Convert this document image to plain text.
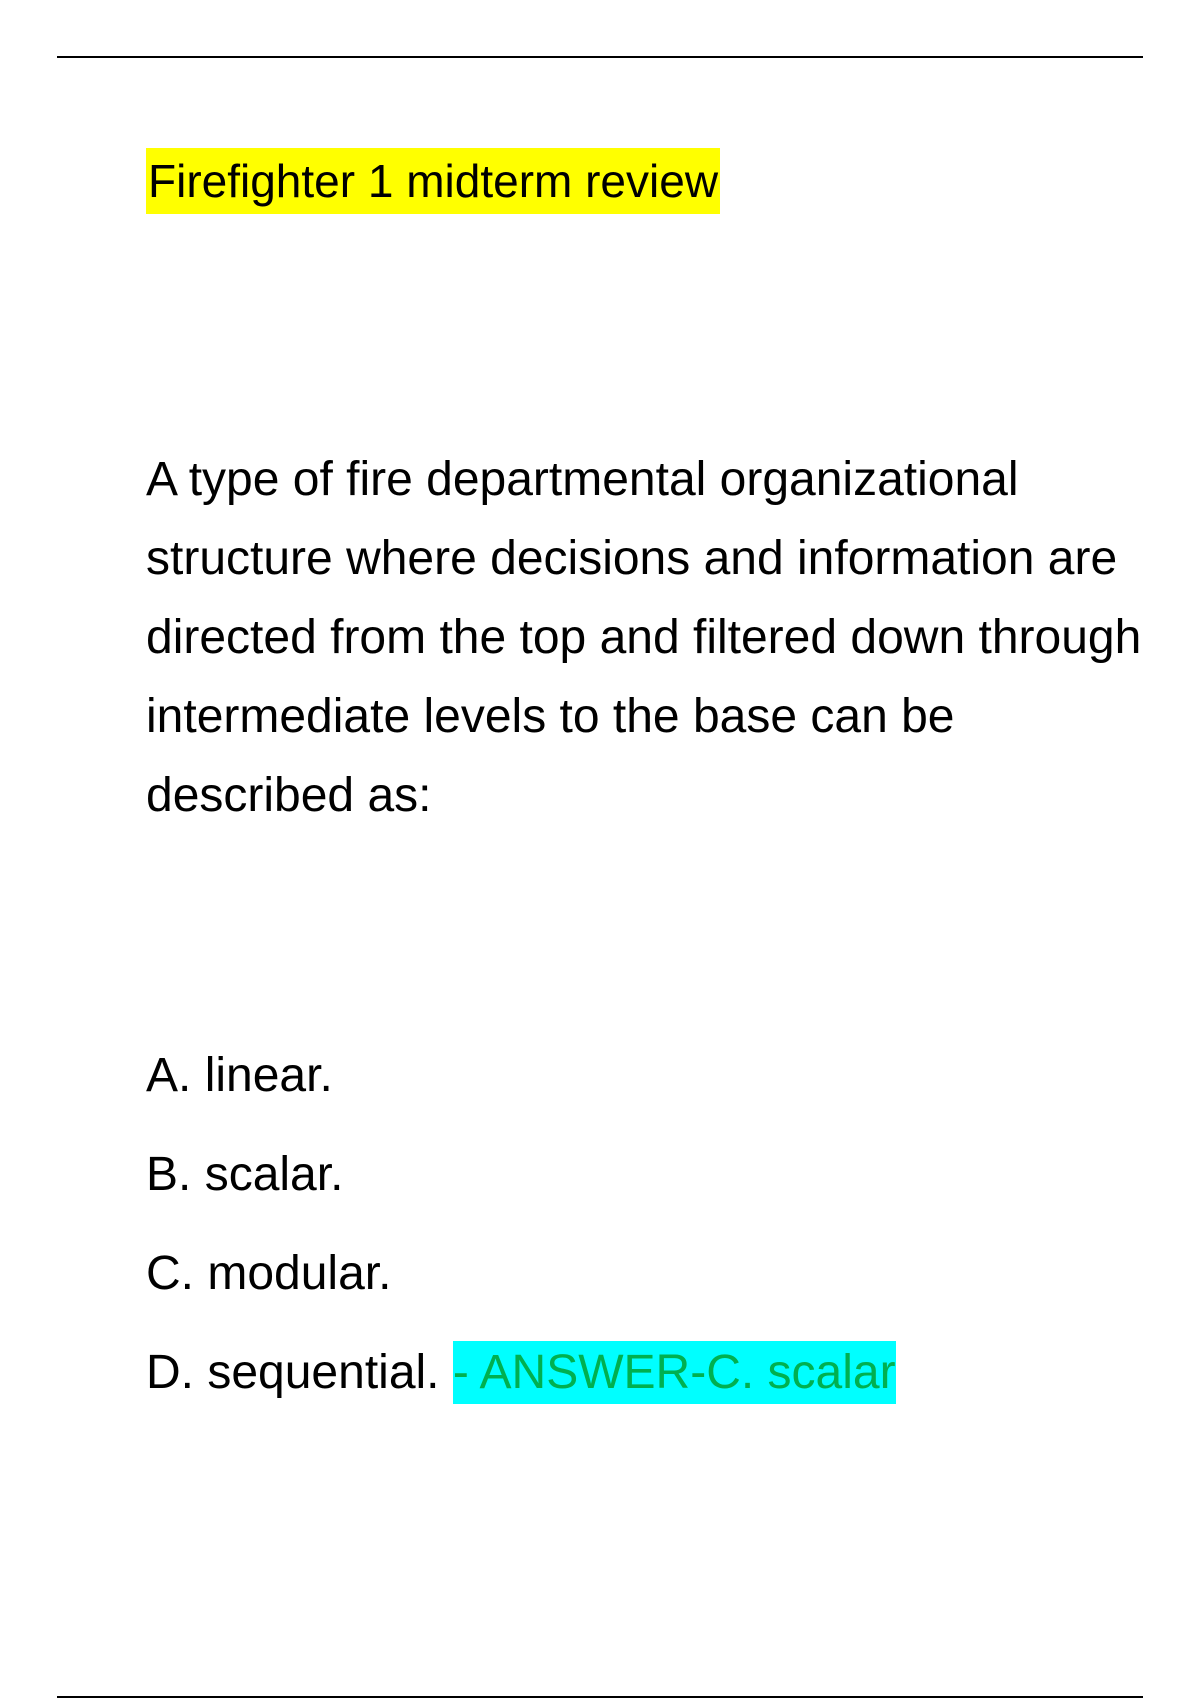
Firefighter 1 midterm review

A type of fire departmental organizational structure where decisions and information are directed from the top and filtered down through intermediate levels to the base can be described as:

A. linear.
B. scalar.
C. modular.
D. sequential. - ANSWER-C. scalar
